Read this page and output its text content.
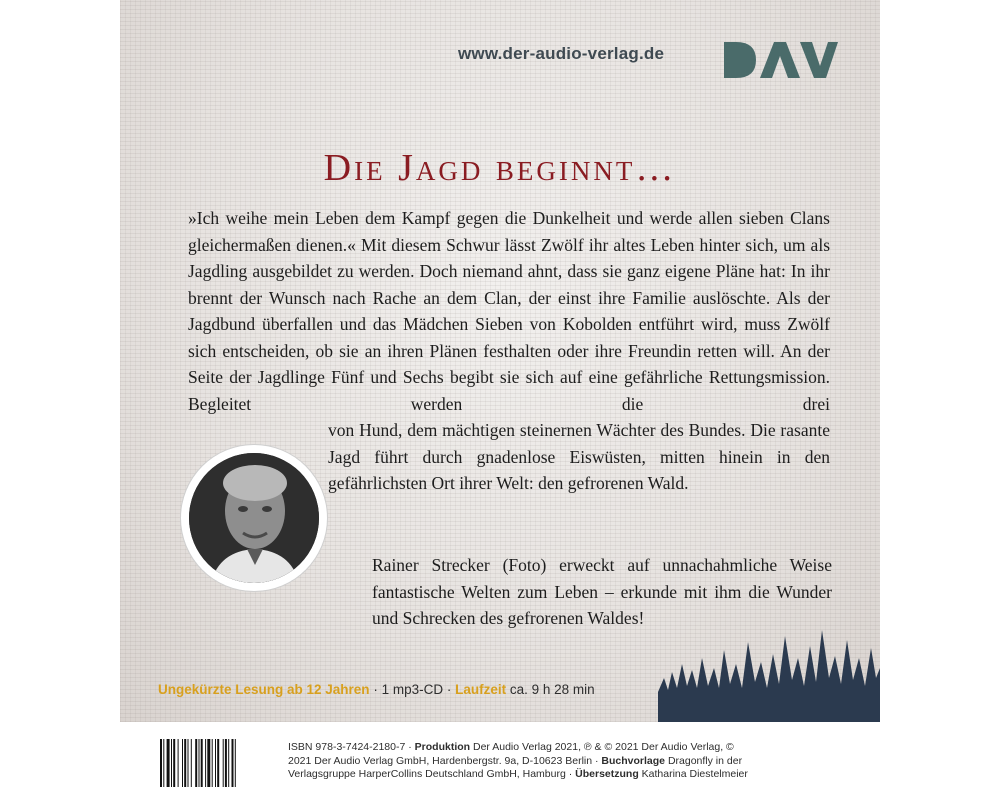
www.der-audio-verlag.de
Die Jagd beginnt…

»Ich weihe mein Leben dem Kampf gegen die Dunkelheit und werde allen sieben Clans gleichermaßen dienen.« Mit diesem Schwur lässt Zwölf ihr altes Leben hinter sich, um als Jagdling ausgebildet zu werden. Doch niemand ahnt, dass sie ganz eigene Pläne hat: In ihr brennt der Wunsch nach Rache an dem Clan, der einst ihre Familie auslöschte. Als der Jagdbund überfallen und das Mädchen Sieben von Kobolden entführt wird, muss Zwölf sich entscheiden, ob sie an ihren Plänen festhalten oder ihre Freundin retten will. An der Seite der Jagdlinge Fünf und Sechs begibt sie sich auf eine gefährliche Rettungsmission. Begleitet werden die drei

von Hund, dem mächtigen steinernen Wächter des Bundes. Die rasante Jagd führt durch gnadenlose Eiswüsten, mitten hinein in den gefährlichsten Ort ihrer Welt: den gefrorenen Wald.

Rainer Strecker (Foto) erweckt auf unnachahmliche Weise fantastische Welten zum Leben – erkunde mit ihm die Wunder und Schrecken des gefrorenen Waldes!

Ungekürzte Lesung ab 12 Jahren · 1 mp3-CD · Laufzeit ca. 9 h 28 min
ISBN 978-3-7424-2180-7 · Produktion Der Audio Verlag 2021, ℗ & © 2021 Der Audio Verlag, © 2021 Der Audio Verlag GmbH, Hardenbergstr. 9a, D-10623 Berlin · Buchvorlage Dragonfly in der Verlagsgruppe HarperCollins Deutschland GmbH, Hamburg · Übersetzung Katharina Diestelmeier
